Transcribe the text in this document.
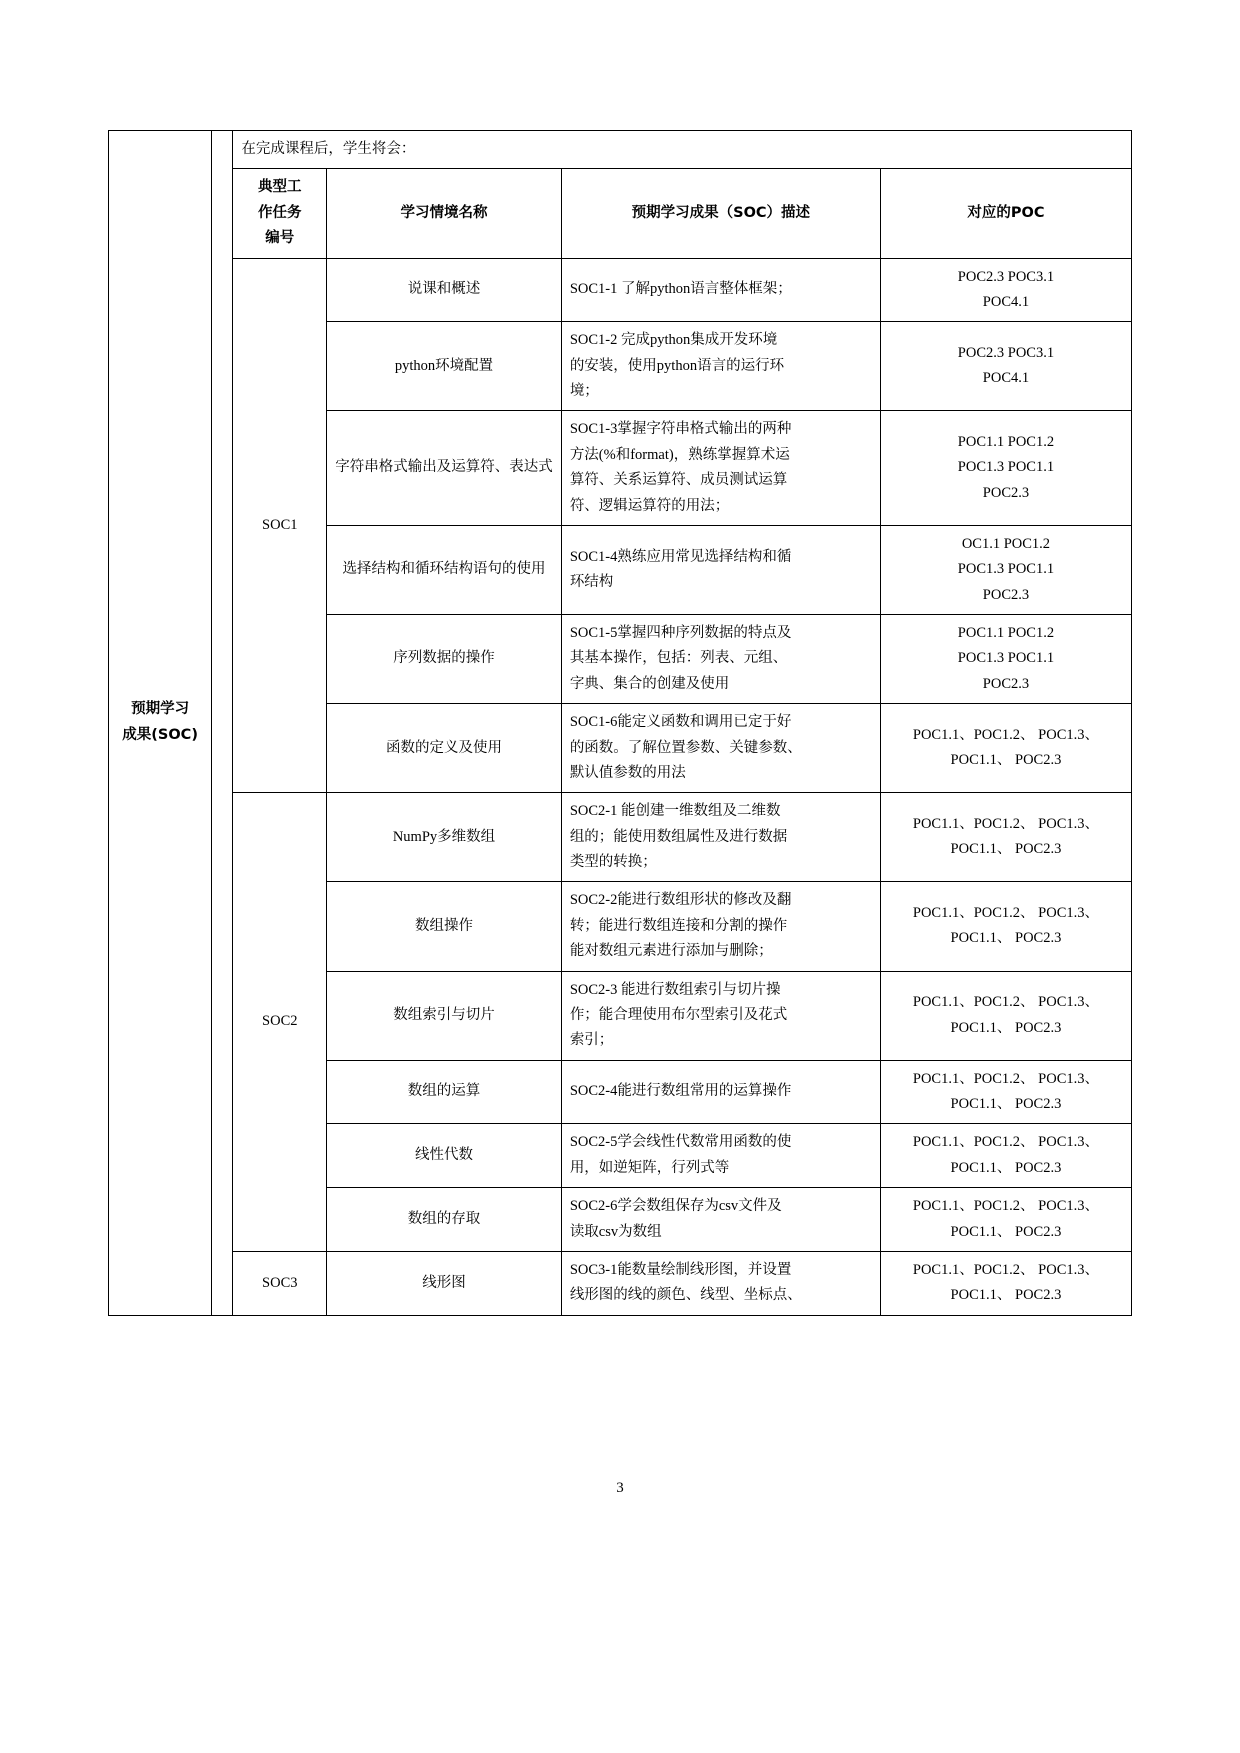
预期学习
成果(SOC)		在完成课程后，学生将会：			

		典型工
作任务
编号	学习情境名称	预期学习成果（SOC）描述	对应的POC
		SOC1	说课和概述	SOC1-1 了解python语言整体框架；	POC2.3 POC3.1
POC4.1

			python环境配置	SOC1-2 完成python集成开发环境
的安装，使用python语言的运行环
境；	POC2.3 POC3.1
POC4.1

			字符串格式输出及运算符、表达式	SOC1-3掌握字符串格式输出的两种
方法(%和format)，熟练掌握算术运
算符、关系运算符、成员测试运算
符、逻辑运算符的用法；	POC1.1 POC1.2
POC1.3 POC1.1
POC2.3

			选择结构和循环结构语句的使用	SOC1-4熟练应用常见选择结构和循
环结构	OC1.1 POC1.2
POC1.3 POC1.1
POC2.3

			序列数据的操作	SOC1-5掌握四种序列数据的特点及
其基本操作，包括：列表、元组、
字典、集合的创建及使用	POC1.1 POC1.2
POC1.3 POC1.1
POC2.3

			函数的定义及使用	SOC1-6能定义函数和调用已定于好
的函数。了解位置参数、关键参数、
默认值参数的用法	POC1.1、POC1.2、 POC1.3、
POC1.1、 POC2.3

		SOC2	NumPy多维数组	SOC2-1 能创建一维数组及二维数
组的；能使用数组属性及进行数据
类型的转换；	POC1.1、POC1.2、 POC1.3、
POC1.1、 POC2.3

			数组操作	SOC2-2能进行数组形状的修改及翻
转；能进行数组连接和分割的操作
能对数组元素进行添加与删除；	POC1.1、POC1.2、 POC1.3、
POC1.1、 POC2.3

			数组索引与切片	SOC2-3 能进行数组索引与切片操
作；能合理使用布尔型索引及花式
索引；	POC1.1、POC1.2、 POC1.3、
POC1.1、 POC2.3

			数组的运算	SOC2-4能进行数组常用的运算操作	POC1.1、POC1.2、 POC1.3、
POC1.1、 POC2.3

			线性代数	SOC2-5学会线性代数常用函数的使
用，如逆矩阵，行列式等	POC1.1、POC1.2、 POC1.3、
POC1.1、 POC2.3

			数组的存取	SOC2-6学会数组保存为csv文件及
读取csv为数组	POC1.1、POC1.2、 POC1.3、
POC1.1、 POC2.3

		SOC3	线形图	SOC3-1能数量绘制线形图，并设置
线形图的线的颜色、线型、坐标点、	POC1.1、POC1.2、 POC1.3、
POC1.1、 POC2.3
3
